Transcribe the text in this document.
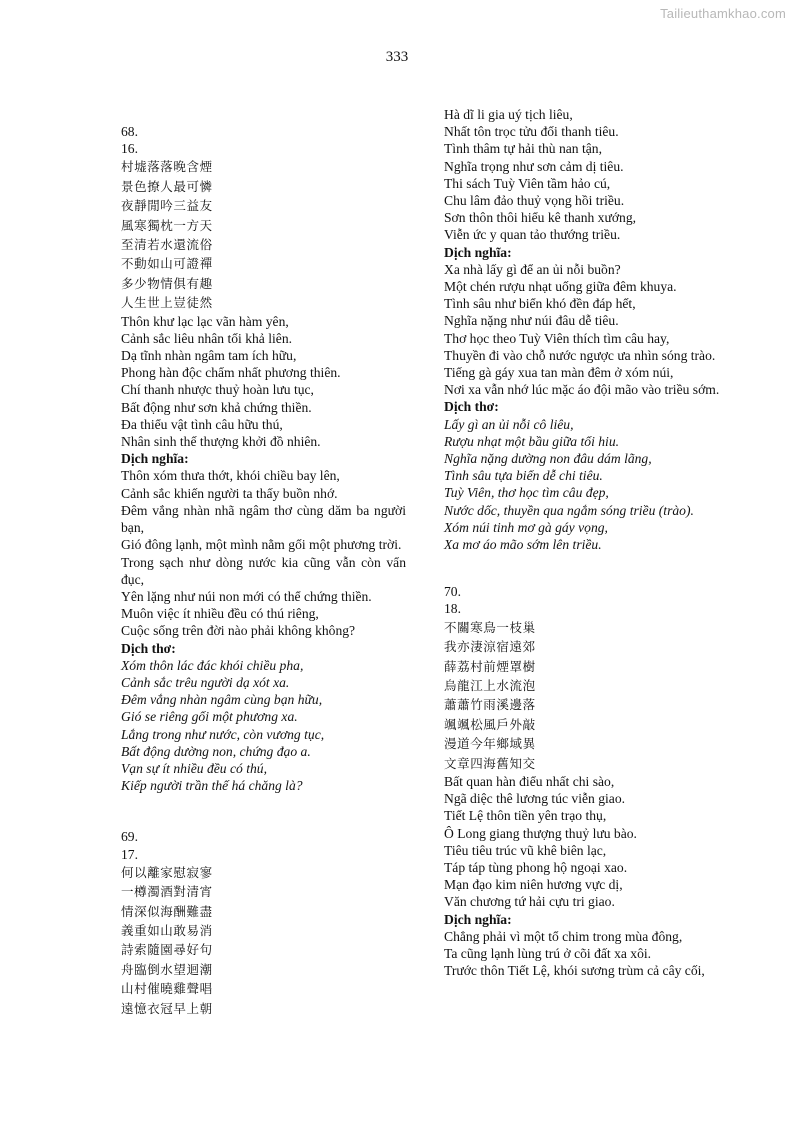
Tailieuthamkhao.com
333
68.
16.
村墟落落晚含煙
景色撩人最可憐
夜靜閒吟三益友
風寒獨枕一方天
至清若水還流俗
不動如山可證禪
多少物情俱有趣
人生世上豈徒然
Thôn khư lạc lạc vãn hàm yên,
Cảnh sắc liêu nhân tối khả liên.
Dạ tĩnh nhàn ngâm tam ích hữu,
Phong hàn độc chẩm nhất phương thiên.
Chí thanh nhược thuỷ hoàn lưu tục,
Bất động như sơn khả chứng thiền.
Đa thiểu vật tình câu hữu thú,
Nhân sinh thế thượng khởi đồ nhiên.
Dịch nghĩa:
Thôn xóm thưa thớt, khói chiều bay lên,
Cảnh sắc khiến người ta thấy buồn nhớ.
Đêm vắng nhàn nhã ngâm thơ cùng dăm ba người bạn,
Gió đông lạnh, một mình nằm gối một phương trời.
Trong sạch như dòng nước kia cũng vẫn còn vẩn đục,
Yên lặng như núi non mới có thể chứng thiền.
Muôn việc ít nhiều đều có thú riêng,
Cuộc sống trên đời nào phải không không?
Dịch thơ:
Xóm thôn lác đác khói chiều pha,
Cảnh sắc trêu người dạ xót xa.
Đêm vắng nhàn ngâm cùng bạn hữu,
Gió se riêng gối một phương xa.
Lắng trong như nước, còn vương tục,
Bất động dường non, chứng đạo a.
Vạn sự ít nhiều đều có thú,
Kiếp người trần thế há chăng là?
69.
17.
何以離家慰寂寥
一樽濁酒對清宵
情深似海酬難盡
義重如山敢易消
詩索隨園尋好句
舟臨倒水望迴潮
山村催曉雞聲唱
遠憶衣冠早上朝
Hà dĩ li gia uý tịch liêu,
Nhất tôn trọc tửu đối thanh tiêu.
Tình thâm tự hải thù nan tận,
Nghĩa trọng như sơn cảm dị tiêu.
Thi sách Tuỳ Viên tầm hảo cú,
Chu lâm đảo thuỷ vọng hồi triều.
Sơn thôn thôi hiểu kê thanh xướng,
Viễn ức y quan tảo thướng triều.
Dịch nghĩa:
Xa nhà lấy gì để an ủi nỗi buồn?
Một chén rượu nhạt uống giữa đêm khuya.
Tình sâu như biển khó đền đáp hết,
Nghĩa nặng như núi đâu dễ tiêu.
Thơ học theo Tuỳ Viên thích tìm câu hay,
Thuyền đi vào chỗ nước ngược ưa nhìn sóng trào.
Tiếng gà gáy xua tan màn đêm ở xóm núi,
Nơi xa vẫn nhớ lúc mặc áo đội mão vào triều sớm.
Dịch thơ:
Lấy gì an ủi nỗi cô liêu,
Rượu nhạt một bầu giữa tối hiu.
Nghĩa nặng dường non đâu dám lãng,
Tình sâu tựa biển dễ chi tiêu.
Tuỳ Viên, thơ học tìm câu đẹp,
Nước dốc, thuyền qua ngắm sóng triều (trào).
Xóm núi tinh mơ gà gáy vọng,
Xa mơ áo mão sớm lên triều.
70.
18.
不關寒鳥一枝巢
我亦淒涼宿遠郊
薛荔村前煙罩樹
烏龍江上水流泡
蕭蕭竹雨溪邊落
颯颯松風戶外敲
漫道今年鄉域異
文章四海舊知交
Bất quan hàn điểu nhất chi sào,
Ngã diệc thê lương túc viễn giao.
Tiết Lệ thôn tiền yên trạo thụ,
Ô Long giang thượng thuỷ lưu bào.
Tiêu tiêu trúc vũ khê biên lạc,
Táp táp tùng phong hộ ngoại xao.
Mạn đạo kim niên hương vực dị,
Văn chương tứ hải cựu tri giao.
Dịch nghĩa:
Chẳng phải vì một tổ chim trong mùa đông,
Ta cũng lạnh lùng trú ở cõi đất xa xôi.
Trước thôn Tiết Lệ, khói sương trùm cả cây cối,
